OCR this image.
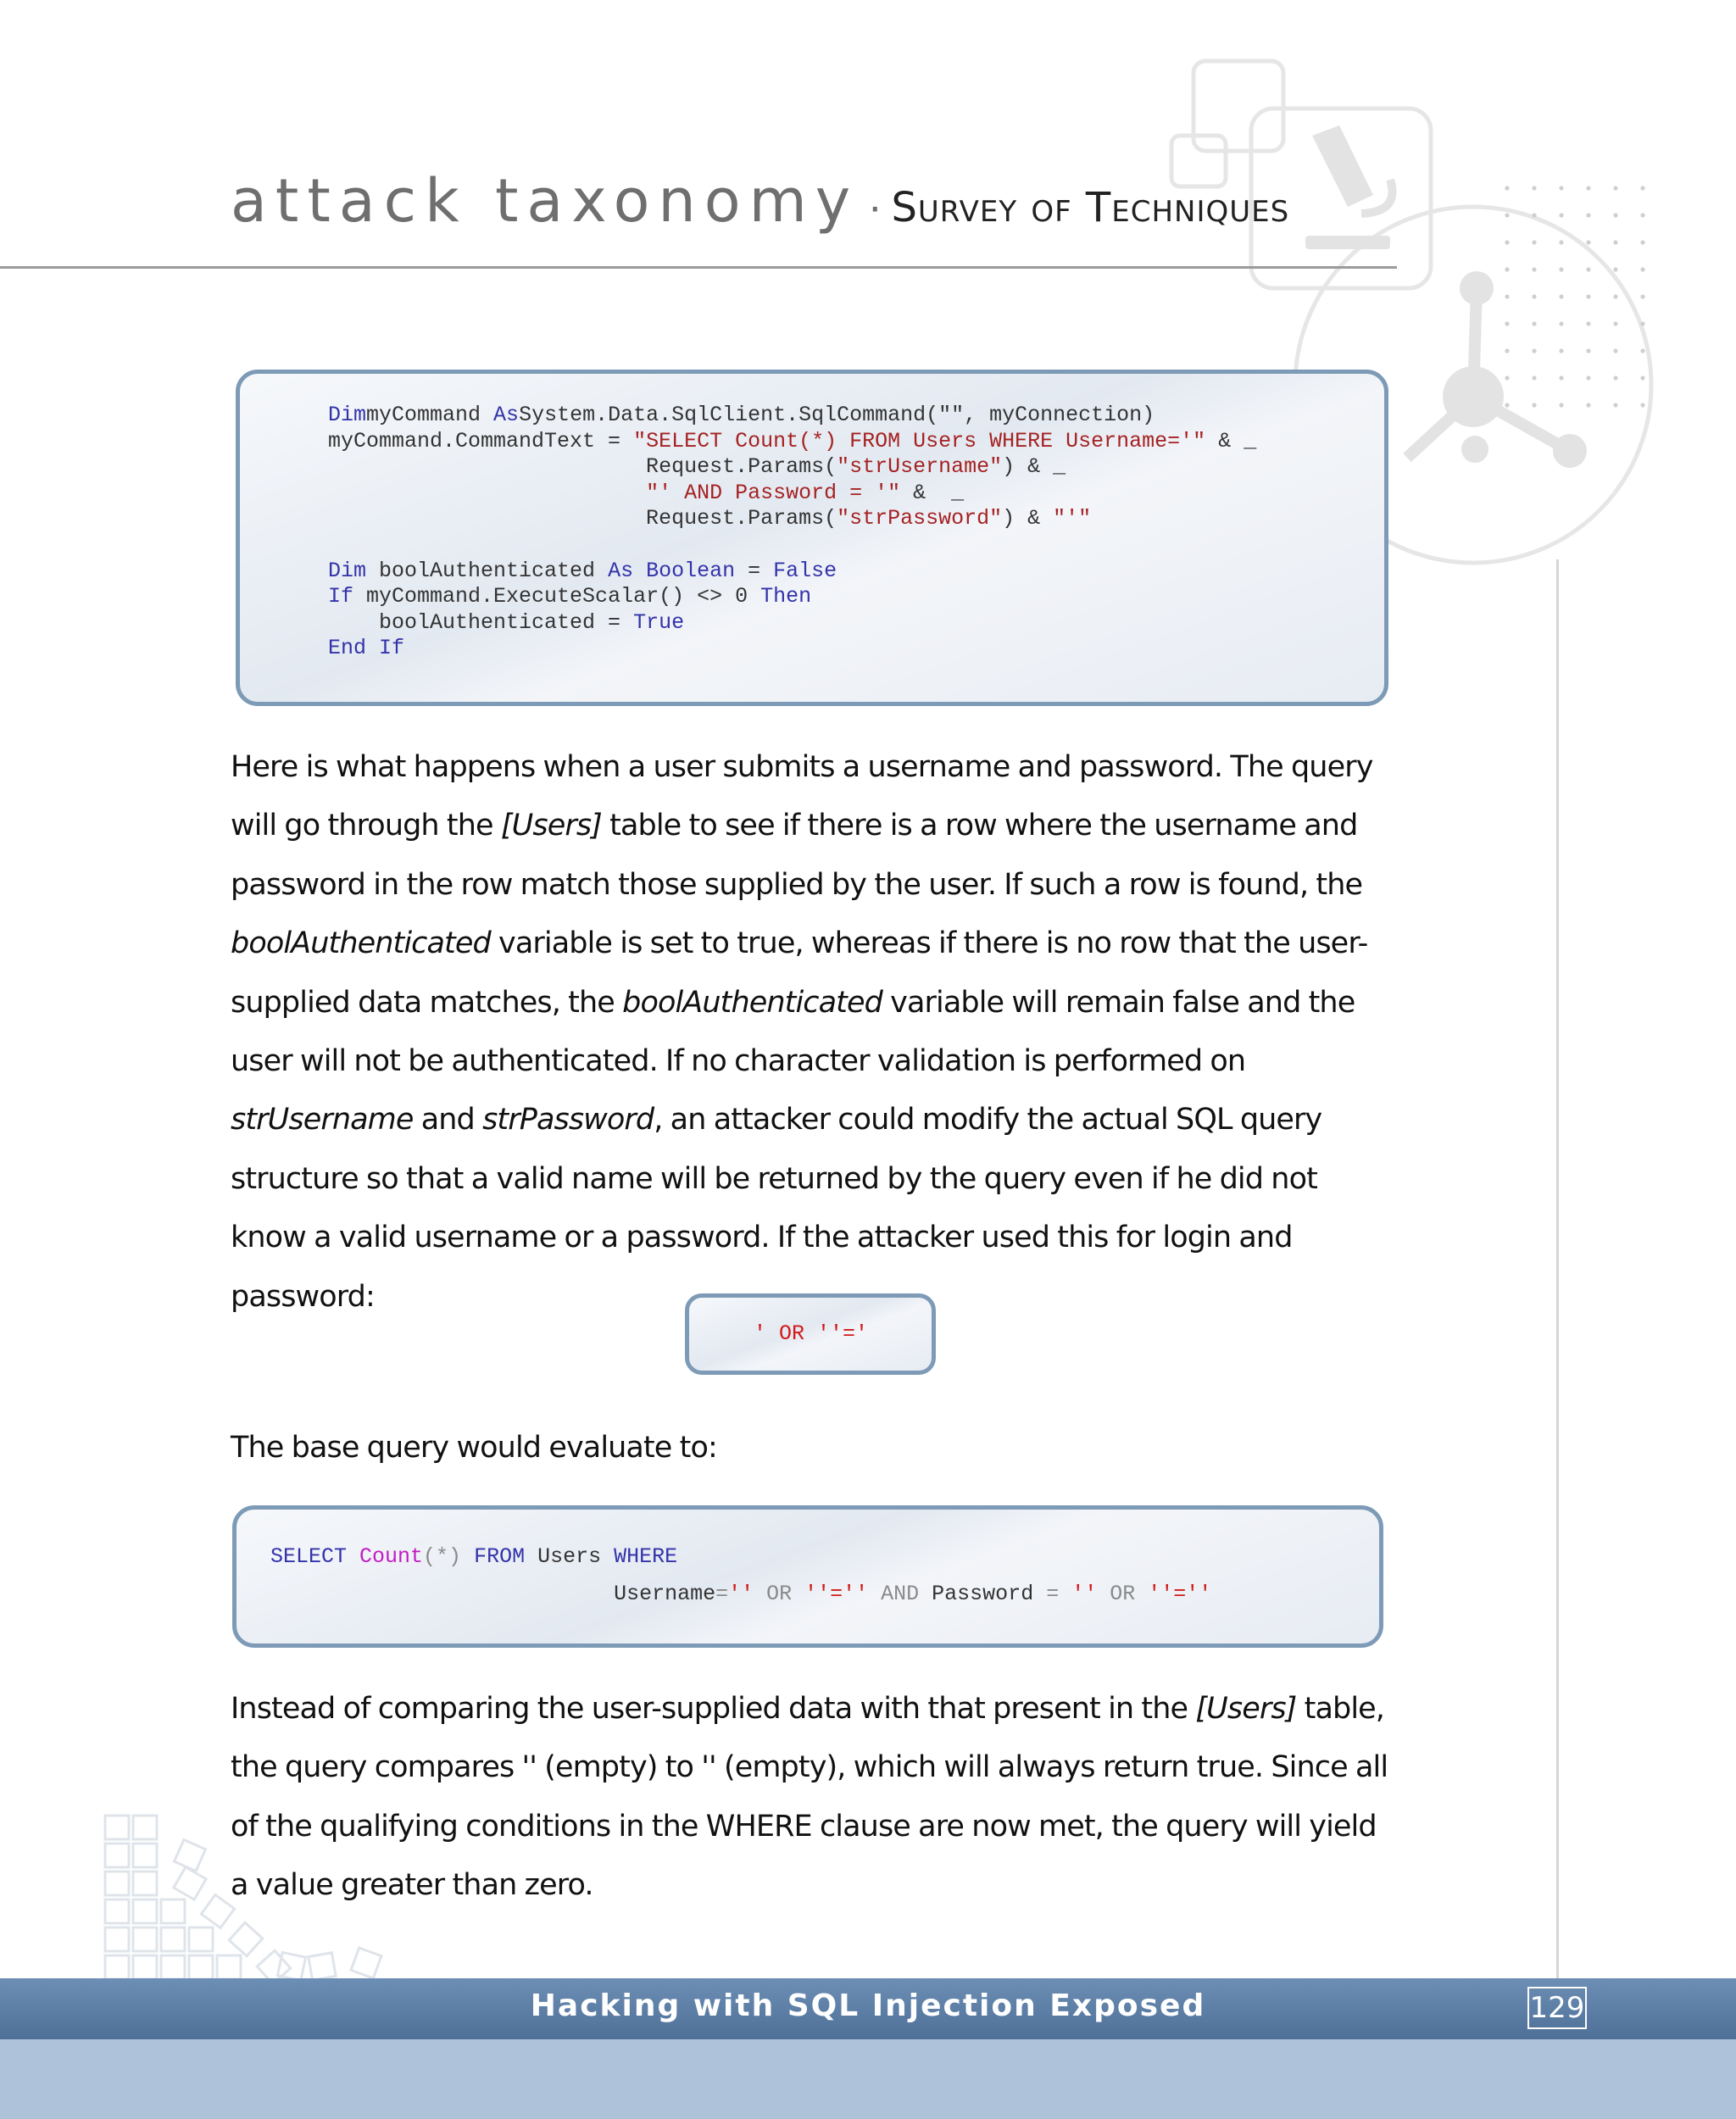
attack taxonomy · Survey of Techniques
DimmyCommand AsSystem.Data.SqlClient.SqlCommand("", myConnection)
myCommand.CommandText = "SELECT Count(*) FROM Users WHERE Username='" & _
Request.Params("strUsername") & _
"' AND Password = '" &  _
Request.Params("strPassword") & "'"

Dim boolAuthenticated As Boolean = False
If myCommand.ExecuteScalar() <> 0 Then
boolAuthenticated = True
End If

Here is what happens when a user submits a username and password. The query will go through the [Users] table to see if there is a row where the username and password in the row match those supplied by the user. If such a row is found, the boolAuthenticated variable is set to true, whereas if there is no row that the user-supplied data matches, the boolAuthenticated variable will remain false and the user will not be authenticated. If no character validation is performed on strUsername and strPassword, an attacker could modify the actual SQL query structure so that a valid name will be returned by the query even if he did not know a valid username or a password. If the attacker used this for login and password:

' OR ''='

The base query would evaluate to:

SELECT Count(*) FROM Users WHERE
Username='' OR ''='' AND Password = '' OR ''=''

Instead of comparing the user-supplied data with that present in the [Users] table, the query compares '' (empty) to '' (empty), which will always return true. Since all of the qualifying conditions in the WHERE clause are now met, the query will yield a value greater than zero.

Hacking with SQL Injection Exposed	129
